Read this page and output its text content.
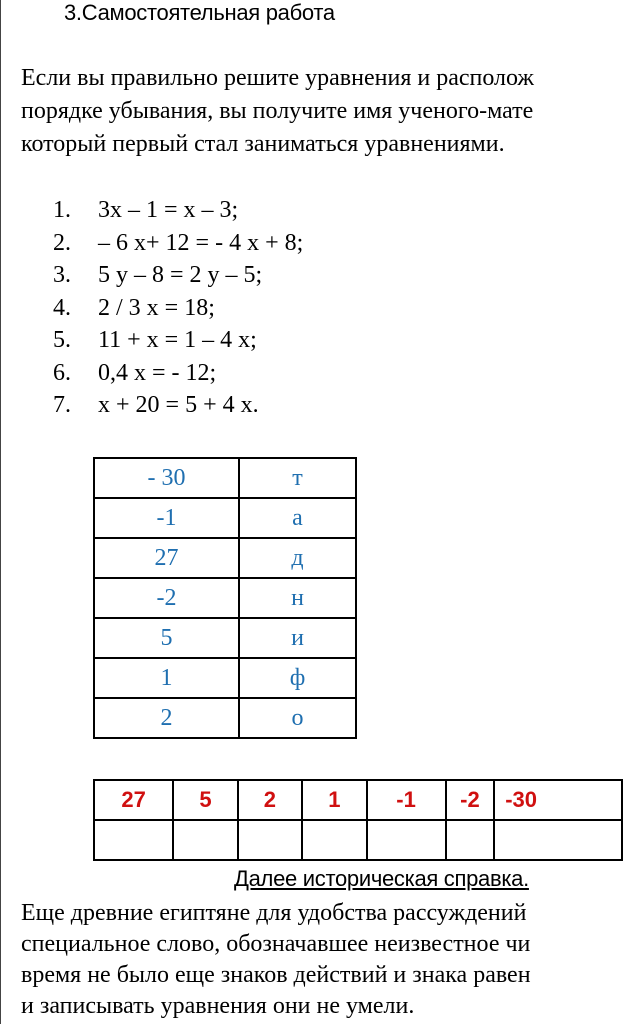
3.Самостоятельная работа
Если вы правильно решите уравнения и располож
порядке убывания, вы получите имя ученого-мате
который первый стал заниматься уравнениями.
1.	3х – 1 = х – 3;
2.	– 6 х+ 12 = - 4 х + 8;
3.	5 у – 8 = 2 у – 5;
4.	2 / 3 х = 18;
5.	11 + х = 1 – 4 х;
6.	0,4 х = - 12;
7.	х + 20 = 5 + 4 х.
- 30	т
-1	а
27	д
-2	н
5	и
1	ф
2	о
27	5	2	1	-1	-2	-30

Далее историческая справка.
Еще древние египтяне для удобства рассуждений
специальное слово, обозначавшее неизвестное чи
время не было еще знаков действий и знака равен
и записывать уравнения они не умели.
